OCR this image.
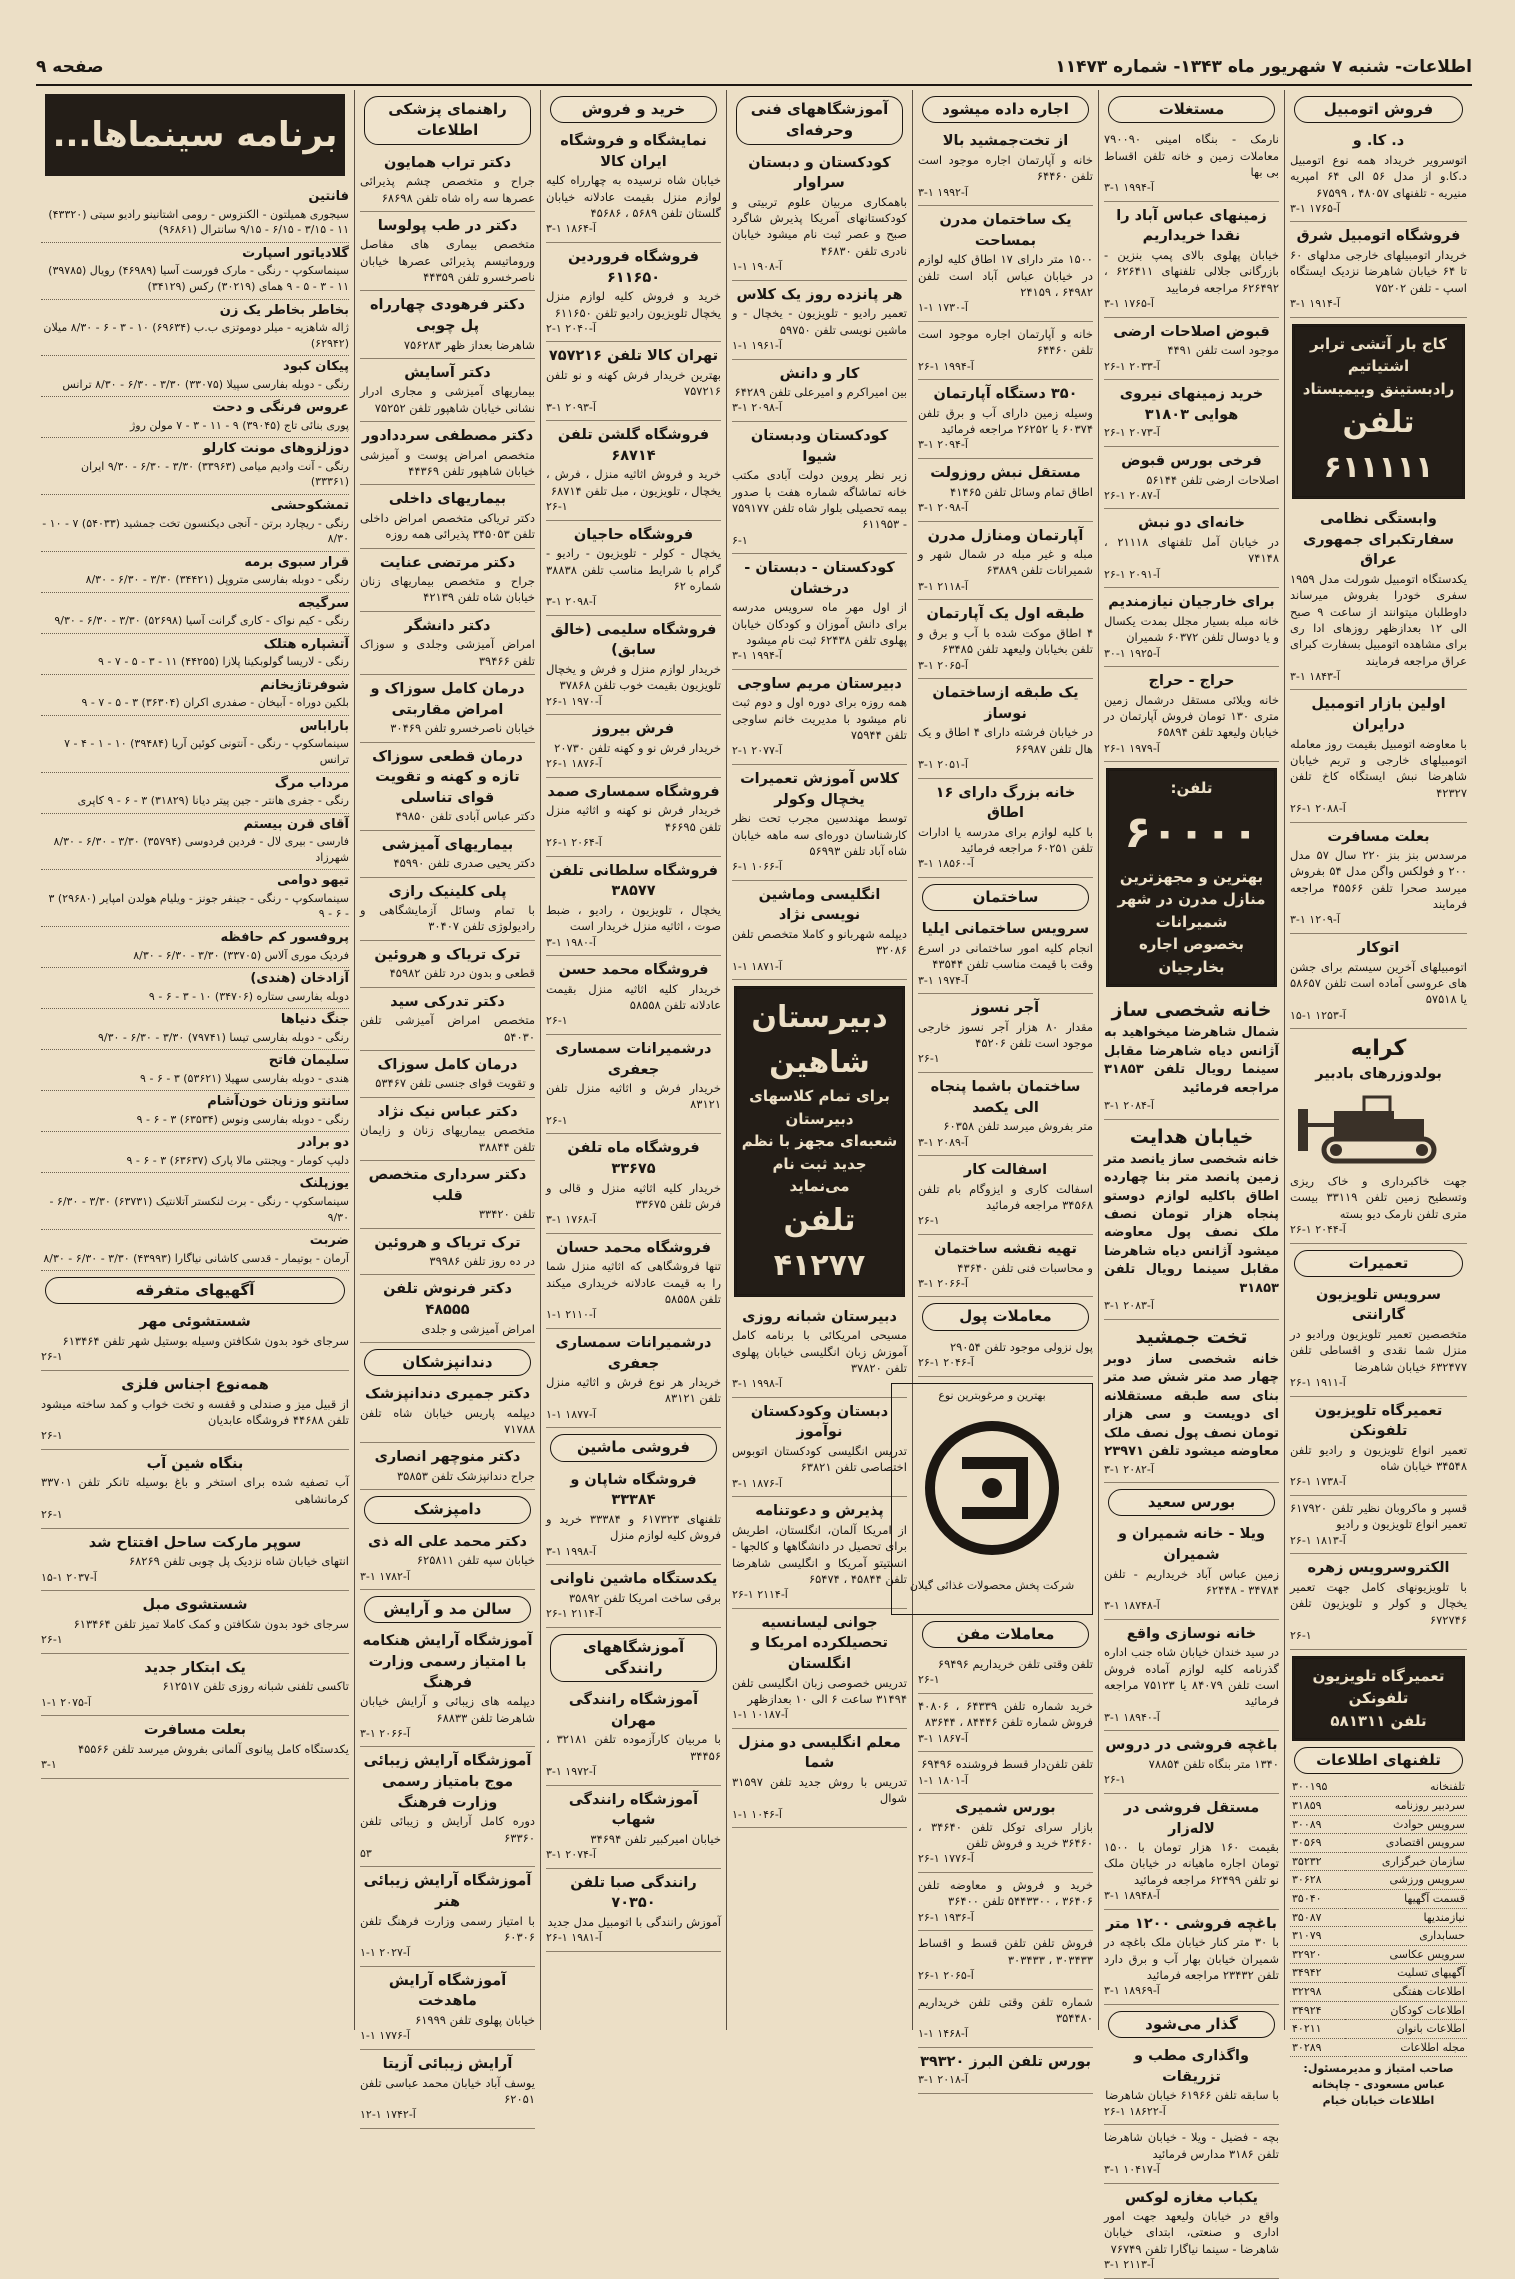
اطلاعات- شنبه ۷ شهریور ماه ۱۳۴۳- شماره ۱۱۴۷۳
صفحه ۹
فروش اتومبیل
د. کا. و
اتوسرویر خریداد همه نوع اتومبیل د.کا.و از مدل ۵۶ الی ۶۴ امپریه منیریه - تلفنهای ۴۸۰۵۷ ، ۶۷۵۹۹
۳-۱ ۱۷۶۵-آ
فروشگاه اتومبیل شرق
خریدار اتومبیلهای خارجی مدلهای ۶۰ تا ۶۴ خیابان شاهرضا نزدیک ایستگاه اسپ - تلفن ۷۵۲۰۲
۳-۱ ۱۹۱۴-آ
کاج بار آتشی ترابر اشتیاتیم
رادبستینق وبیمیستاد

تلفن ۶۱۱۱۱۱
وابستگی نظامی سفارتکبرای جمهوری عراق
یکدستگاه اتومبیل شورلت مدل ۱۹۵۹ سفری خودرا بفروش میرساند داوطلبان میتوانند از ساعت ۹ صبح الی ۱۲ بعدازظهر روزهای ادا ری برای مشاهده اتومبیل بسفارت کبرای عراق مراجعه فرمایند
۳-۱ ۱۸۴۳-آ
اولین بازار اتومبیل درایران
با معاوضه اتومبیل بقیمت روز معامله اتومبیلهای خارجی و تریم خیابان شاهرضا نبش ایستگاه کاخ تلفن ۴۲۳۲۷
۲۶-۱ ۲۰۸۸-آ
بعلت مسافرت
مرسدس بنز بنز ۲۲۰ سال ۵۷ مدل ۲۰۰ و فولکس واگن مدل ۵۴ بفروش میرسد صحرا تلفن ۴۵۵۶۶ مراجعه فرمایند
۳-۱ ۱۲۰۹-آ
اتوکار
اتومبیلهای آخرین سیستم برای جشن های عروسی آماده است تلفن ۵۸۶۵۷ یا ۵۷۵۱۸
۱۵-۱ ۱۲۵۳-آ
کرایه
بولدوزرهای بادبیر
جهت خاکبرداری و خاک ریزی وتسطیح زمین تلفن ۳۳۱۱۹ بیست متری تلفن نارمک دیو بسته
۲۶-۱ ۲۰۴۴-آ
تعمیرات
سرویس تلویزیون گارانتی
متخصصین تعمیر تلویزیون ورادیو در منزل شما نقدی و اقساطی تلفن ۶۳۲۴۷۷ خیابان شاهرضا
۲۶-۱ ۱۹۱۱-آ
تعمیرگاه تلویزیون تلفونکن
تعمیر انواع تلویزیون و رادیو تلفن ۳۴۵۴۸ خیابان شاه
۲۶-۱ ۱۷۳۸-آ
قسپر و ماکروبان نظیر تلفن ۶۱۷۹۲۰ تعمیر انواع تلویزیون و رادیو
۲۶-۱ ۱۸۱۳-آ
الکتروسرویس زهره
با تلویزیونهای کامل جهت تعمیر یخچال و کولر و تلویزیون تلفن ۶۷۲۷۴۶
۲۶-۱
تعمیرگاه تلویزیون تلفونکن
تلفن ۵۸۱۳۱۱
تلفنهای اطلاعات
تلفنخانه	۳۰۰۱۹۵
سردبیر روزنامه	۳۱۸۵۹
سرویس حوادث	۳۰۰۸۹
سرویس اقتصادی	۳۰۵۶۹
سازمان خبرگزاری	۳۵۲۳۲
سرویس ورزشی	۳۰۶۲۸
قسمت آگهیها	۳۵۰۴۰
نیازمندیها	۳۵۰۸۷
حسابداری	۳۱۰۷۹
سرویس عکاسی	۳۲۹۲۰
آگهیهای تسلیت	۳۴۹۴۲
اطلاعات هفتگی	۳۲۲۹۸
اطلاعات کودکان	۳۴۹۲۴
اطلاعات بانوان	۴۰۲۱۱
مجله اطلاعات	۳۰۲۸۹
صاحب امتیاز و مدیرمسئول: عباس مسعودی - چاپخانه اطلاعات خیابان خیام
مستغلات
نارمک - بنگاه امینی ۷۹۰۰۹۰ معاملات زمین و خانه تلفن اقساط بی بها
۳-۱ ۱۹۹۴-آ
زمینهای عباس آباد را نقدا خریداریم
خیابان پهلوی بالای پمپ بنزین - بازرگانی جلالی تلفنهای ۶۲۶۴۱۱ ، ۶۲۶۴۹۲ مراجعه فرمایید
۳-۱ ۱۷۶۵-آ
قبوض اصلاحات ارضی
موجود است تلفن ۴۴۹۱
۲۶-۱ ۲۰۳۳-آ
خرید زمینهای نیروی هوایی ۳۱۸۰۳
۲۶-۱ ۲۰۷۳-آ
فرخی بورس قبوض
اصلاحات ارضی تلفن ۵۶۱۴۴
۲۶-۱ ۲۰۸۷-آ
خانه‌ای دو نبش
در خیابان آمل تلفنهای ۲۱۱۱۸ ، ۷۴۱۴۸
۲۶-۱ ۲۰۹۱-آ
برای خارجیان نیازمندیم
خانه مبله بسیار مجلل بمدت یکسال و یا دوسال تلفن ۶۰۳۷۲ شمیران
۳۰-۱ ۱۹۲۵-آ
حراج - حراج
خانه ویلائی مستقل درشمال زمین متری ۱۳۰ تومان فروش آپارتمان در خیابان ولیعهد تلفن ۶۵۸۹۴
۲۶-۱ ۱۹۷۹-آ
تلفن:
۶۰۰۰۰
بهترین و مجهزترین منازل مدرن در شهر شمیرانات
بخصوص اجاره بخارجیان
خانه شخصی ساز
شمال شاهرضا میخواهید به آژانس دیاه شاهرضا مقابل سینما رویال تلفن ۳۱۸۵۳ مراجعه فرمائید
۳-۱ ۲۰۸۴-آ
خیابان هدایت
خانه شخصی ساز یانصد متر زمین پانصد متر بنا چهارده اطاق باکلیه لوازم دوستو پنجاه هزار تومان نصف ملک نصف پول معاوضه میشود آژانس دیاه شاهرضا مقابل سینما رویال تلفن ۳۱۸۵۳
۳-۱ ۲۰۸۳-آ
تخت جمشید
خانه شخصی ساز دوبر چهار صد متر شش صد متر بنای سه طبقه مستقلانه ای دویست و سی هزار تومان نصف پول نصف ملک معاوضه میشود تلفن ۲۳۹۷۱
۳-۱ ۲۰۸۲-آ
بورس سعید
ویلا - خانه شمیران و شمیران
زمین عباس آباد خریداریم - تلفن ۳۴۷۸۴ - ۶۲۴۴۸
۳-۱ ۱۸۷۴۸-آ
خانه نوسازی واقع
در سید خندان خیابان شاه جنب اداره گذرنامه کلیه لوازم آماده فروش است تلفن ۸۴۰۷۹ یا ۷۵۱۲۳ مراجعه فرمائید
۳-۱ ۱۸۹۴۰-آ
باغچه فروشی در دروس
۱۳۴۰ متر بنگاه تلفن ۷۸۸۵۴
۲۶-۱
مستقل فروشی در لاله‌زار
بقیمت ۱۶۰ هزار تومان با ۱۵۰۰ تومان اجاره ماهیانه در خیابان ملک نو تلفن ۶۲۴۹۹ مراجعه فرمائید
۳-۱ ۱۸۹۴۸-آ
باغچه فروشی ۱۲۰۰ متر
با ۳۰ متر کنار خیابان ملک باغچه در شمیران خیابان بهار آب و برق دارد تلفن ۲۳۴۳۲ مراجعه فرمائید
۳-۱ ۱۸۹۶۹-آ
گذار می‌شود
واگذاری مطب و تزریقات
با سابقه تلفن ۶۱۹۶۶ خیابان شاهرضا
۲۶-۱ ۱۸۶۲۲-آ
بچه - فضیل - ویلا - خیابان شاهرضا تلفن ۳۱۸۶ مدارس فرمائید
۳-۱ ۱۰۴۱۷-آ
یکباب مغازه لوکس
واقع در خیابان ولیعهد جهت امور اداری و صنعتی، ابتدای خیابان شاهرضا - سینما نیاگارا تلفن ۷۶۷۴۹
۳-۱ ۲۱۱۳-آ
اجاره داده میشود
از تخت‌جمشید بالا
خانه و آپارتمان اجاره موجود است تلفن ۶۴۴۶۰
۳-۱ ۱۹۹۲-آ
یک ساختمان مدرن بمساحت
۱۵۰۰ متر دارای ۱۷ اطاق کلیه لوازم در خیابان عباس آباد است تلفن ۶۴۹۸۲ ، ۲۴۱۵۹
۱-۱ ۱۷۳۰-آ
خانه و آپارتمان اجاره موجود است تلفن ۶۴۴۶۰
۲۶-۱ ۱۹۹۴-آ
۳۵۰ دستگاه آپارتمان
وسیله زمین دارای آب و برق تلفن ۶۰۳۷۴ یا ۲۶۲۵۲ مراجعه فرمائید
۳-۱ ۲۰۹۴-آ
مستقل نبش روزولت
اطاق تمام وسائل تلفن ۴۱۴۶۵
۳-۱ ۲۰۹۸-آ
آپارتمان ومنازل مدرن
مبله و غیر مبله در شمال شهر و شمیرانات تلفن ۶۳۸۸۹
۳-۱ ۲۱۱۸-آ
طبقه اول یک آپارتمان
۴ اطاق موکت شده با آب و برق و تلفن بخیابان ولیعهد تلفن ۶۳۴۸۵
۳-۱ ۲۰۶۵-آ
یک طبقه ازساختمان نوساز
در خیابان فرشته دارای ۴ اطاق و یک هال تلفن ۶۶۹۸۷
۳-۱ ۲۰۵۱-آ
خانه بزرگ دارای ۱۶ اطاق
با کلیه لوازم برای مدرسه یا ادارات تلفن ۶۰۲۵۱ مراجعه فرمائید
۳-۱ ۱۸۵۶۰-آ
ساختمان
سرویس ساختمانی ایلیا
انجام کلیه امور ساختمانی در اسرع وقت با قیمت مناسب تلفن ۴۳۵۴۴
۳-۱ ۱۹۷۴-آ
آجر نسوز
مقدار ۸۰ هزار آجر نسوز خارجی موجود است تلفن ۴۵۲۰۶
۲۶-۱
ساختمان باشما پنجاه الی یکصد
متر بفروش میرسد تلفن ۶۰۳۵۸
۳-۱ ۲۰۸۹-آ
اسفالت کار
اسفالت کاری و ایزوگام بام تلفن ۳۴۵۶۸ مراجعه فرمائید
۲۶-۱
تهیه نقشه ساختمان
و محاسبات فنی تلفن ۴۳۶۴۰
۳-۱ ۲۰۶۶-آ
معاملات پول
پول نزولی موجود تلفن ۲۹۰۵۴
۲۶-۱ ۲۰۴۶-آ
بهترین و مرغوبترین نوع
شرکت پخش محصولات غذائی گیلان
معاملات مفن
تلفن وقتی تلفن خریداریم ۶۹۴۹۶
۲۶-۱
خرید شماره تلفن ۶۴۳۳۹ ، ۴۰۸۰۶ فروش شماره تلفن ۸۴۴۴۶ ، ۸۳۶۴۴
۳-۱ ۱۸۶۷-آ
تلفن تلفن‌دار قسط فروشنده ۶۹۴۹۶
۱-۱ ۱۸۰۱-آ
بورس شمیری
بازار سرای توکل تلفن ۳۴۶۴۰ ، ۳۶۴۶۰ خرید و فروش تلفن
۲۶-۱ ۱۷۷۶-آ
خرید و فروش و معاوضه تلفن ۳۶۴۰۶ ، ۵۴۴۳۳۰۰ تلفن ۳۶۴۰۰
۲۶-۱ ۱۹۳۶-آ
فروش تلفن تلفن قسط و اقساط ۳۰۳۴۳۳ ، ۳۰۳۴۳۳
۲۶-۱ ۲۰۶۵-آ
شماره تلفن وقتی تلفن خریداریم ۳۵۴۴۸۰
۱-۱ ۱۴۶۸-آ
بورس تلفن البرز ۳۹۳۲۰
۳-۱ ۲۰۱۸-آ
آموزشگاههای فنی وحرفه‌ای
کودکستان و دبستان سراوار
باهمکاری مربیان علوم تربیتی و کودکستانهای آمریکا پذیرش شاگرد صبح و عصر ثبت نام میشود خیابان نادری تلفن ۴۶۸۳۰
۱-۱ ۱۹۰۸-آ
هر پانزده روز یک کلاس
تعمیر رادیو - تلویزیون - یخچال - و ماشین نویسی تلفن ۵۹۷۵۰
۱-۱ ۱۹۶۱-آ
کار و دانش
بین امیراکرم و امیرعلی تلفن ۶۴۲۸۹
۳-۱ ۲۰۹۸-آ
کودکستان ودبستان شیوا
زیر نظر پروین دولت آبادی مکتب خانه تماشاگه شماره هفت با صدور بیمه تحصیلی بلوار شاه تلفن ۷۵۹۱۷۷ - ۶۱۱۹۵۳
۶-۱
کودکستان - دبستان - درخشان
از اول مهر ماه سرویس مدرسه برای دانش آموزان و کودکان خیابان پهلوی تلفن ۶۲۴۳۸ ثبت نام میشود
۳-۱ ۱۹۹۴-آ
دبیرستان مریم ساوجی
همه روزه برای دوره اول و دوم ثبت نام میشود با مدیریت خانم ساوجی تلفن ۷۵۹۴۴
۲-۱ ۲۰۷۷-آ
کلاس آموزش تعمیرات یخچال وکولر
توسط مهندسین مجرب تحت نظر کارشناسان دوره‌ای سه ماهه خیابان شاه آباد تلفن ۵۶۹۹۳
۶-۱ ۱۰۶۶-آ
انگلیسی وماشین نویسی نژاد
دیپلمه شهربانو و کاملا متخصص تلفن ۳۲۰۸۶
۱-۱ ۱۸۷۱-آ
دبیرستان شاهین
برای تمام کلاسهای دبیرستان
شعبه‌ای مجهز با نظم جدید ثبت نام می‌نماید
تلفن ۴۱۲۷۷
دبیرستان شبانه روزی
مسیحی امریکائی با برنامه کامل آموزش زبان انگلیسی خیابان پهلوی تلفن ۳۷۸۲۰
۳-۱ ۱۹۹۸-آ
دبستان وکودکستان نوآموز
تدریس انگلیسی کودکستان اتوبوس اختصاصی تلفن ۶۳۸۲۱
۳-۱ ۱۸۷۶-آ
پذیرش و دعوتنامه
از امریکا آلمان، انگلستان، اطریش برای تحصیل در دانشگاهها و کالجها - انستیتو آمریکا و انگلیسی شاهرضا تلفن ۴۵۸۴۴ ، ۶۵۴۷۴
۲۶-۱ ۲۱۱۴-آ
جوانی لیسانسیه تحصیلکرده امریکا و انگلستان
تدریس خصوصی زبان انگلیسی تلفن ۳۱۴۹۴ ساعت ۶ الی ۱۰ بعدازظهر
۱-۱ ۱۰۱۸۷-آ
معلم انگلیسی دو منزل شما
تدریس با روش جدید تلفن ۳۱۵۹۷ شوال
۱-۱ ۱۰۴۶-آ
خرید و فروش
نمایشگاه و فروشگاه ایران کالا
خیابان شاه نرسیده به چهارراه کلیه لوازم منزل بقیمت عادلانه خیابان گلستان تلفن ۵۶۸۹ ، ۴۵۶۸۶
۳-۱ ۱۸۶۴-آ
فروشگاه فروردین ۶۱۱۶۵۰
خرید و فروش کلیه لوازم منزل یخچال تلویزیون رادیو تلفن ۶۱۱۶۵۰
۲-۱ ۲۰۴۰-آ
تهران کالا تلفن ۷۵۷۲۱۶
بهترین خریدار فرش کهنه و نو تلفن ۷۵۷۲۱۶
۳-۱ ۲۰۹۳-آ
فروشگاه گلشن تلفن ۶۸۷۱۴
خرید و فروش اثاثیه منزل ، فرش ، یخچال ، تلویزیون ، مبل تلفن ۶۸۷۱۴
۲۶-۱
فروشگاه حاجیان
یخچال - کولر - تلویزیون - رادیو - گرام با شرایط مناسب تلفن ۳۸۸۳۸ شماره ۶۲
۳-۱ ۲۰۹۸-آ
فروشگاه سلیمی (خالق سابق)
خریدار لوازم منزل و فرش و یخچال تلویزیون بقیمت خوب تلفن ۳۷۸۶۸
۲۶-۱ ۱۹۷۰-آ
فرش بیروز
خریدار فرش نو و کهنه تلفن ۲۰۷۳۰
۲۶-۱ ۱۸۷۶-آ
فروشگاه سمساری صمد
خریدار فرش نو کهنه و اثاثیه منزل تلفن ۴۶۶۹۵
۲۶-۱ ۲۰۶۴-آ
فروشگاه سلطانی تلفن ۳۸۵۷۷
یخچال ، تلویزیون ، رادیو ، ضبط صوت ، اثاثیه منزل خریدار است
۳-۱ ۱۹۸۰-آ
فروشگاه محمد حسن
خریدار کلیه اثاثیه منزل بقیمت عادلانه تلفن ۵۸۵۵۸
۲۶-۱
درشمیرانات سمساری جعفری
خریدار فرش و اثاثیه منزل تلفن ۸۳۱۲۱
۲۶-۱
فروشگاه ماه تلفن ۳۳۶۷۵
خریدار کلیه اثاثیه منزل و قالی و فرش تلفن ۳۳۶۷۵
۳-۱ ۱۷۶۸-آ
فروشگاه محمد حسان
تنها فروشگاهی که اثاثیه منزل شما را به قیمت عادلانه خریداری میکند تلفن ۵۸۵۵۸
۱-۱ ۲۱۱۰-آ
درشمیرانات سمساری جعفری
خریدار هر نوع فرش و اثاثیه منزل تلفن ۸۳۱۲۱
۱-۱ ۱۸۷۷-آ
فروشی ماشین
فروشگاه شاپان و ۳۳۳۸۴
تلفنهای ۶۱۷۳۲۳ و ۳۳۳۸۴ خرید و فروش کلیه لوازم منزل
۳-۱ ۱۹۹۸-آ
یکدستگاه ماشین ناوانی
برقی ساخت امریکا تلفن ۳۵۸۹۲
۲۶-۱ ۲۱۱۴-آ
آموزشگاههای رانندگی
آموزشگاه رانندگی مهران
با مربیان کارآزموده تلفن ۳۲۱۸۱ ، ۳۴۴۵۶
۳-۱ ۱۹۷۲-آ
آموزشگاه رانندگی شهاب
خیابان امیرکبیر تلفن ۳۴۶۹۴
۳-۱ ۲۰۷۴-آ
رانندگی صبا تلفن ۷۰۳۵۰
آموزش رانندگی با اتومبیل مدل جدید
۲۶-۱ ۱۹۸۱-آ
راهنمای پزشکی اطلاعات
دکتر تراب همایون
جراح و متخصص چشم پذیرائی عصرها سه راه شاه تلفن ۶۸۶۹۸
دکتر در طب پولوسا
متخصص بیماری های مفاصل وروماتیسم پذیرائی عصرها خیابان ناصرخسرو تلفن ۴۴۳۵۹
دکتر فرهودی چهارراه پل چوبی
شاهرضا بعداز ظهر ۷۵۶۲۸۳
دکتر آسایش
بیماریهای آمیزشی و مجاری ادرار نشانی خیابان شاهپور تلفن ۷۵۲۵۲
دکتر مصطفی سرددادور
متخصص امراض پوست و آمیزشی خیابان شاهپور تلفن ۴۴۳۶۹
بیماریهای داخلی
دکتر تریاکی متخصص امراض داخلی تلفن ۳۴۵۰۵۳ پذیرائی همه روزه
دکتر مرتضی عنایت
جراح و متخصص بیماریهای زنان خیابان شاه تلفن ۴۲۱۳۹
دکتر دانشگر
امراض آمیزشی وجلدی و سوزاک تلفن ۳۹۴۶۶
درمان کامل سوزاک و امراض مقاربتی
خیابان ناصرخسرو تلفن ۳۰۴۶۹
درمان قطعی سوزاک تازه و کهنه و تقویت قوای تناسلی
دکتر عباس آبادی تلفن ۴۹۸۵۰
بیماریهای آمیزشی
دکتر یحیی صدری تلفن ۴۵۹۹۰
پلی کلینیک رازی
با تمام وسائل آزمایشگاهی و رادیولوژی تلفن ۳۰۴۰۷
ترک تریاک و هروئین
قطعی و بدون درد تلفن ۴۵۹۸۲
دکتر تدرکی سید
متخصص امراض آمیزشی تلفن ۵۴۰۳۰
درمان کامل سوزاک
و تقویت قوای جنسی تلفن ۵۳۴۶۷
دکتر عباس نیک نژاد
متخصص بیماریهای زنان و زایمان تلفن ۳۸۸۴۴
دکتر سرداری متخصص قلب
تلفن ۳۳۴۲۰
ترک تریاک و هروئین
در ده روز تلفن ۳۹۹۸۶
دکتر فرنوش تلفن ۴۸۵۵۵
امراض آمیزشی و جلدی
دندانپزشکان
دکتر جمیری دندانپزشک
دیپلمه پاریس خیابان شاه تلفن ۷۱۷۸۸
دکتر منوچهر انصاری
جراح دندانپزشک تلفن ۳۵۸۵۳
دامپزشک
دکتر محمد علی اله ذی
خیابان سپه تلفن ۶۲۵۸۱۱
۳-۱ ۱۷۸۲-آ
سالن مد و آرایش
آموزشگاه آرایش هنکامه با امتیاز رسمی وزارت فرهنگ
دیپلمه های زیبائی و آرایش خیابان شاهرضا تلفن ۶۸۸۳۳
۳-۱ ۲۰۶۶-آ
آموزشگاه آرایش زیبائی موج بامتیاز رسمی وزارت فرهنگ
دوره کامل آرایش و زیبائی تلفن ۶۳۳۶۰
۵۳
آموزشگاه آرایش زیبائی هنر
با امتیاز رسمی وزارت فرهنگ تلفن ۶۰۳۰۶
۱-۱ ۲۰۲۷-آ
آموزشگاه آرایش ماهدخت
خیابان پهلوی تلفن ۶۱۹۹۹
۱-۱ ۱۷۷۶-آ
آرایش زیبائی آزیتا
یوسف آباد خیابان محمد عباسی تلفن ۶۲۰۵۱
۱۲-۱ ۱۷۴۲-آ
برنامه سینماها...
فانتین
سیجوری همیلتون - الکنزوس - رومی اشتانینو رادیو سیتی (۴۳۳۲۰) ۱۱ - ۳/۱۵ - ۶/۱۵ - ۹/۱۵ سانترال (۹۶۸۶۱)
گلادیاتور اسپارت
سینماسکوپ - رنگی - مارک فورست آسیا (۴۶۹۸۹) رویال (۳۹۷۸۵) ۱۱ - ۳ - ۵ - ۹ همای (۳۰۲۱۹) رکس (۳۴۱۲۹)
بخاطر بخاطر یک زن
ژاله شاهزیه - میلر دوموتزی ب.ب (۶۹۶۳۴) ۱۰ - ۳ - ۶ - ۸/۳۰ میلان (۶۲۹۴۲)
پیکان کبود
رنگی - دوبله بفارسی سپیلا (۳۳۰۷۵) ۳/۳۰ - ۶/۳۰ - ۸/۳۰ ترانس
عروس فرنگی و دحت
پوری بنائی تاج (۳۹۰۴۵) ۹ - ۱۱ - ۳ - ۷ مولن روژ
دوزلزوهای مونت کارلو
رنگی - آنت وادیم میامی (۳۳۹۶۳) ۳/۳۰ - ۶/۳۰ - ۹/۳۰ ایران (۳۳۳۶۱)
تمشکوحشی
رنگی - ریچارد برتن - آنجی دیکنسون تخت جمشید (۵۴۰۳۳) ۷ - ۱۰ - ۸/۳۰
قرار سبوی برمه
رنگی - دوبله بفارسی متروپل (۳۴۴۲۱) ۳/۳۰ - ۶/۳۰ - ۸/۳۰
سرگیجه
رنگی - کیم نواک - کاری گرانت آسیا (۵۲۶۹۸) ۳/۳۰ - ۶/۳۰ - ۹/۳۰
آتشپاره هتلک
رنگی - لاریسا گولوبکینا پلازا (۴۴۲۵۵) ۱۱ - ۳ - ۵ - ۷ - ۹
شوفرتاژیخانم
بلکین دوراه - آبیخان - صفدری اکران (۳۶۳۰۴) ۳ - ۵ - ۷ - ۹
باراباس
سینماسکوپ - رنگی - آنتونی کوئین آریا (۳۹۴۸۴) ۱۰ - ۱ - ۴ - ۷ ترانس
مرداب مرگ
رنگی - جفری هانتر - جین پیتر دیانا (۳۱۸۲۹) ۳ - ۶ - ۹ کاپری
آقای قرن بیستم
فارسی - بیری لال - فردین فردوسی (۳۵۷۹۴) ۳/۳۰ - ۶/۳۰ - ۸/۳۰ شهرزاد
تیهو دوامی
سینماسکوپ - رنگی - جینفر جونز - ویلیام هولدن امپایر (۲۹۶۸۰) ۳ - ۶ - ۹
پروفسور کم حافظه
فردیک موری آلاس (۳۳۷۰۵) ۳/۳۰ - ۶/۳۰ - ۸/۳۰
آزاد‌خان (هندی)
دوبله بفارسی ستاره (۳۴۷۰۶) ۱۰ - ۳ - ۶ - ۹
جنگ دنیاها
رنگی - دوبله بفارسی تیسا (۷۹۷۴۱) ۳/۳۰ - ۶/۳۰ - ۹/۳۰
سلیمان فاتح
هندی - دوبله بفارسی سهیلا (۵۳۶۲۱) ۳ - ۶ - ۹
سانتو وزنان خون‌آشام
رنگی - دوبله بفارسی ونوس (۶۳۵۳۴) ۳ - ۶ - ۹
دو برادر
دلیپ کومار - ویجنتی مالا پارک (۶۳۶۳۷) ۳ - ۶ - ۹
یوزپلنک
سینماسکوپ - رنگی - برت لنکستر آتلانتیک (۶۳۷۳۱) ۳/۳۰ - ۶/۳۰ - ۹/۳۰
ضربت
آرمان - بوتیمار - قدسی کاشانی نیاگارا (۴۳۹۹۳) ۳/۳۰ - ۶/۳۰ - ۸/۳۰
آگهیهای متفرقه
شستشوئی مهر
سرجای خود بدون شکافتن وسیله بوستیل شهر تلفن ۶۱۳۴۶۴
۲۶-۱
همه‌نوع اجناس فلزی
از قبیل میز و صندلی و قفسه و تخت خواب و کمد ساخته میشود تلفن ۴۴۶۸۸ فروشگاه عابدیان
۲۶-۱
بنگاه شین آب
آب تصفیه شده برای استخر و باغ بوسیله تانکر تلفن ۳۳۷۰۱ کرمانشاهی
۲۶-۱
سوپر مارکت ساحل افتتاح شد
انتهای خیابان شاه نزدیک پل چوبی تلفن ۶۸۲۶۹
۱۵-۱ ۲۰۳۷-آ
شستشوی مبل
سرجای خود بدون شکافتن و کمک کاملا تمیز تلفن ۶۱۳۴۶۴
۲۶-۱
یک ابتکار جدید
تاکسی تلفنی شبانه روزی تلفن ۶۱۲۵۱۷
۱-۱ ۲۰۷۵-آ
بعلت مسافرت
یکدستگاه کامل پیانوی آلمانی بفروش میرسد تلفن ۴۵۵۶۶
۳-۱
